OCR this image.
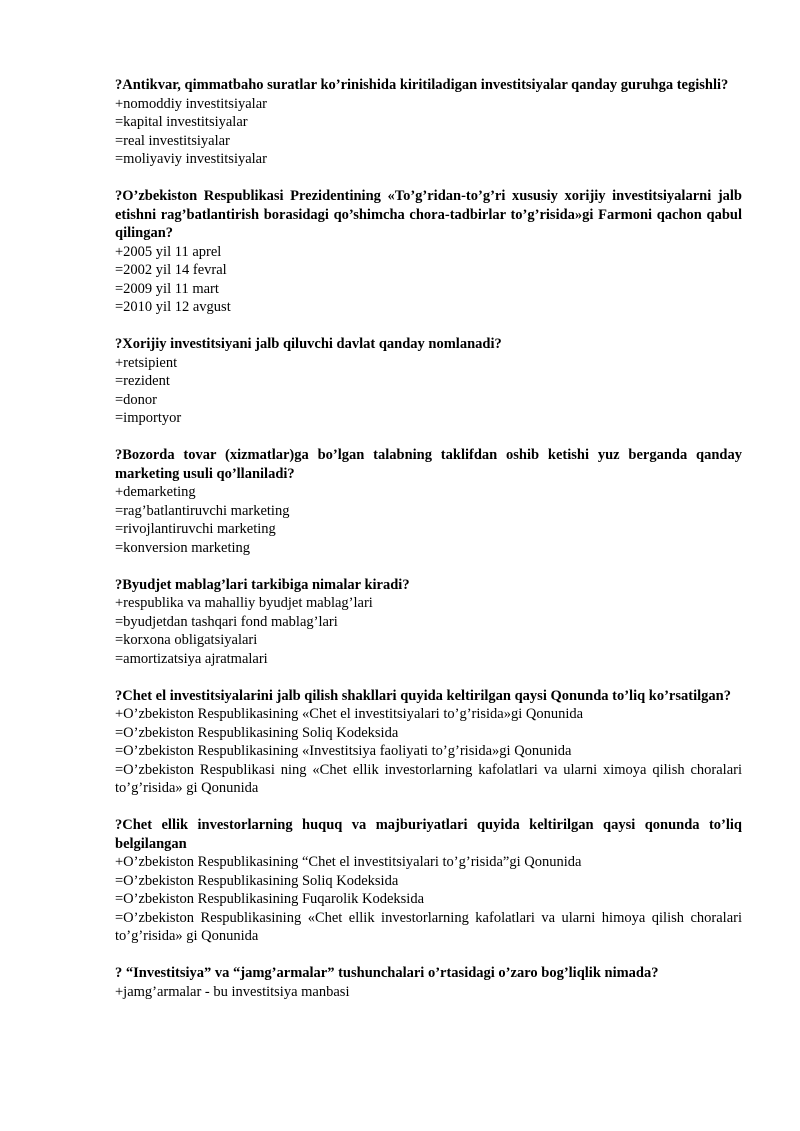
?Antikvar, qimmatbaho suratlar ko’rinishida kiritiladigan investitsiyalar qanday guruhga tegishli?

+nomoddiy investitsiyalar

=kapital investitsiyalar

=real investitsiyalar

=moliyaviy investitsiyalar

?O’zbekiston Respublikasi Prezidentining «To’g’ridan-to’g’ri xususiy xorijiy investitsiyalarni jalb etishni rag’batlantirish borasidagi qo’shimcha chora-tadbirlar to’g’risida»gi Farmoni qachon qabul qilingan?

+2005 yil 11 aprel

=2002 yil 14 fevral

=2009 yil 11 mart

=2010 yil 12 avgust

?Xorijiy investitsiyani jalb qiluvchi davlat qanday nomlanadi?

+retsipient

=rezident

=donor

=importyor

?Bozorda tovar (xizmatlar)ga bo’lgan talabning taklifdan oshib ketishi yuz berganda qanday marketing usuli qo’llaniladi?

+demarketing

=rag’batlantiruvchi marketing

=rivojlantiruvchi marketing

=konversion marketing

?Byudjet mablag’lari tarkibiga nimalar kiradi?

+respublika va mahalliy byudjet mablag’lari

=byudjetdan tashqari fond mablag’lari

=korxona obligatsiyalari

=amortizatsiya ajratmalari

?Chet el investitsiyalarini jalb qilish shakllari quyida keltirilgan qaysi Qonunda to’liq ko’rsatilgan?

+O’zbekiston Respublikasining «Chet el investitsiyalari to’g’risida»gi Qonunida

=O’zbekiston Respublikasining Soliq Kodeksida

=O’zbekiston Respublikasining «Investitsiya faoliyati to’g’risida»gi Qonunida

=O’zbekiston Respublikasi ning «Chet ellik investorlarning kafolatlari va ularni ximoya qilish choralari to’g’risida» gi Qonunida

?Chet ellik investorlarning huquq va majburiyatlari quyida keltirilgan qaysi qonunda to’liq belgilangan

+O’zbekiston Respublikasining “Chet el investitsiyalari to’g’risida”gi Qonunida

=O’zbekiston Respublikasining Soliq Kodeksida

=O’zbekiston Respublikasining Fuqarolik Kodeksida

=O’zbekiston Respublikasining «Chet ellik investorlarning kafolatlari va ularni himoya qilish choralari to’g’risida» gi Qonunida

? “Investitsiya” va “jamg’armalar” tushunchalari o’rtasidagi o’zaro bog’liqlik nimada?

+jamg’armalar - bu investitsiya manbasi
